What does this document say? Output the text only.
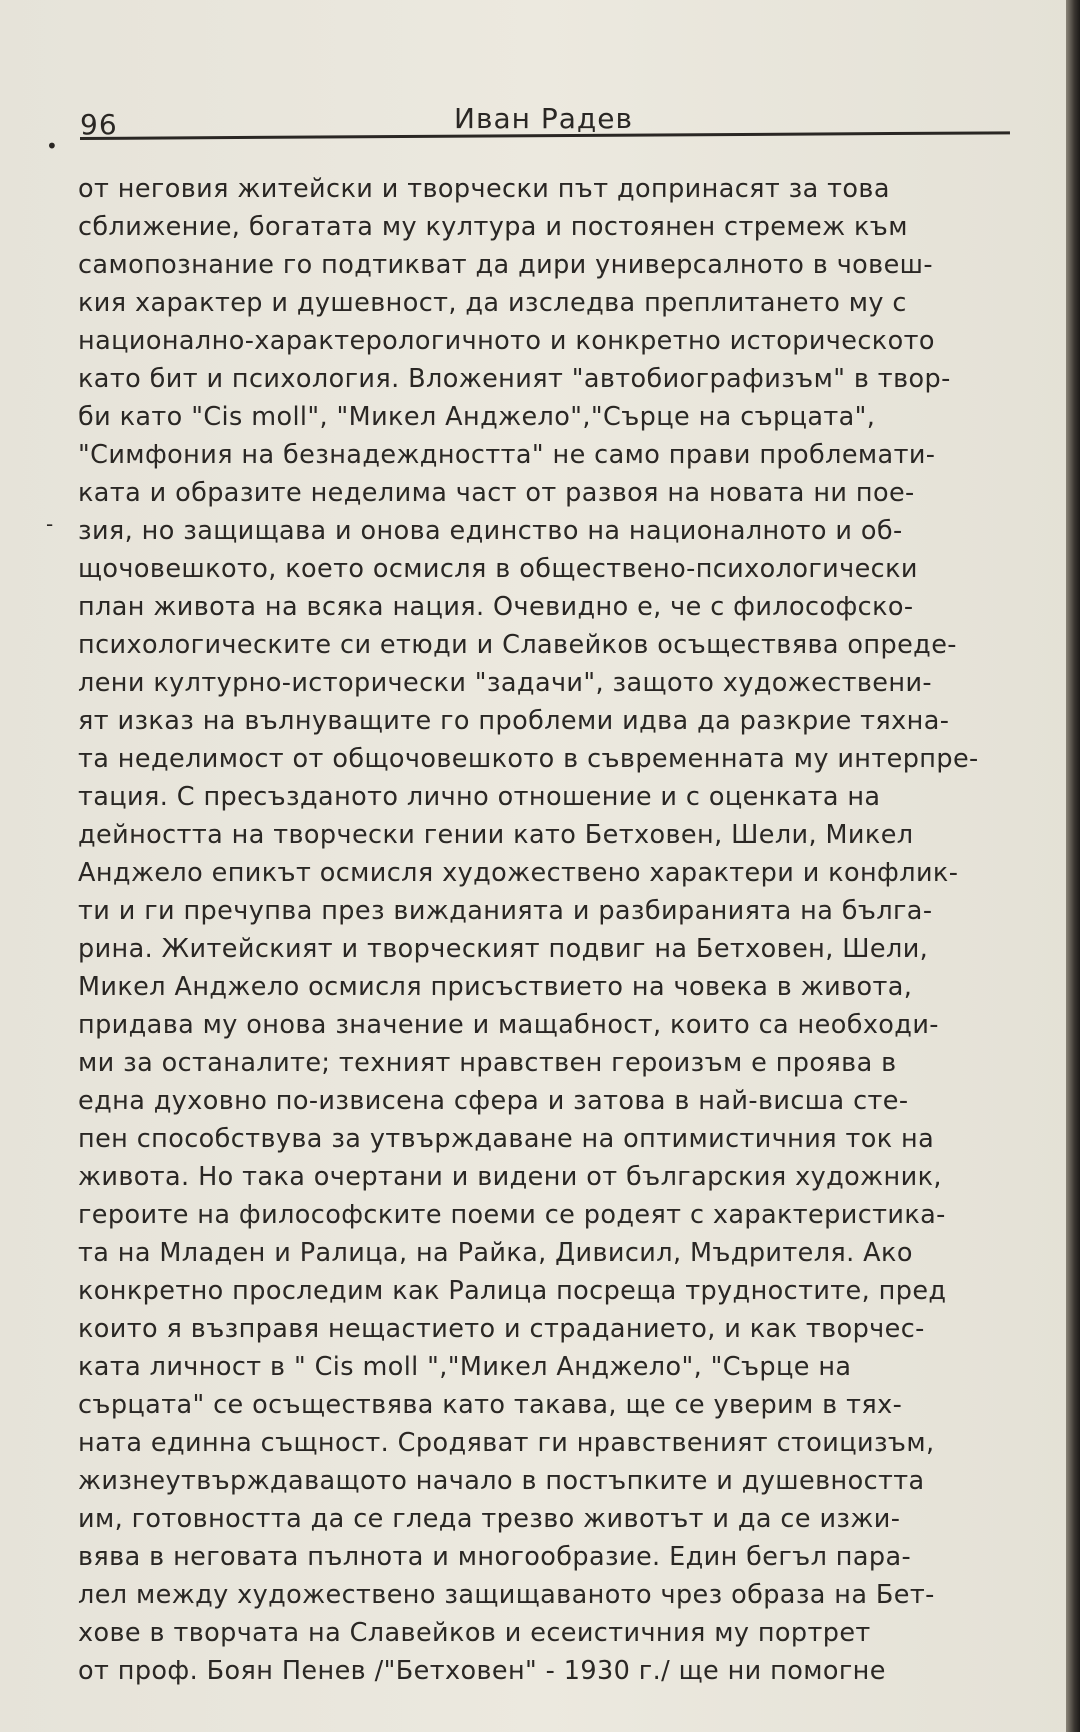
96	Иван Радев
•
-
от неговия житейски и творчески път допринасят за това
сближение, богатата му култура и постоянен стремеж към
самопознание го подтикват да дири универсалното в човеш-
кия характер и душевност, да изследва преплитането му с
национално-характерологичното и конкретно историческото
като бит и психология. Вложеният "автобиографизъм" в твор-
би като "Cis moll", "Микел Анджело","Сърце на сърцата",
"Симфония на безнадеждността" не само прави проблемати-
ката и образите неделима част от развоя на новата ни пое-
зия, но защищава и онова единство на националното и об-
щочовешкото, което осмисля в обществено-психологически
план живота на всяка нация. Очевидно е, че с философско-
психологическите си етюди и Славейков осъществява опреде-
лени културно-исторически "задачи", защото художествени-
ят изказ на вълнуващите го проблеми идва да разкрие тяхна-
та неделимост от общочовешкото в съвременната му интерпре-
тация. С пресъзданото лично отношение и с оценката на
дейността на творчески гении като Бетховен, Шели, Микел
Анджело епикът осмисля художествено характери и конфлик-
ти и ги пречупва през вижданията и разбиранията на бълга-
рина. Житейският и творческият подвиг на Бетховен, Шели,
Микел Анджело осмисля присъствието на човека в живота,
придава му онова значение и мащабност, които са необходи-
ми за останалите; техният нравствен героизъм е проява в
една духовно по-извисена сфера и затова в най-висша сте-
пен способствува за утвърждаване на оптимистичния ток на
живота. Но така очертани и видени от българския художник,
героите на философските поеми се родеят с характеристика-
та на Младен и Ралица, на Райка, Дивисил, Мъдрителя. Ако
конкретно проследим как Ралица посреща трудностите, пред
които я възправя нещастието и страданието, и как творчес-
ката личност в " Cis moll ","Микел Анджело", "Сърце на
сърцата" се осъществява като такава, ще се уверим в тях-
ната единна същност. Сродяват ги нравственият стоицизъм,
жизнеутвърждаващото начало в постъпките и душевността
им, готовността да се гледа трезво животът и да се изжи-
вява в неговата пълнота и многообразие. Един бегъл пара-
лел между художествено защищаваното чрез образа на Бет-
хове в творчата на Славейков и есеистичния му портрет
от проф. Боян Пенев /"Бетховен" - 1930 г./ ще ни помогне
